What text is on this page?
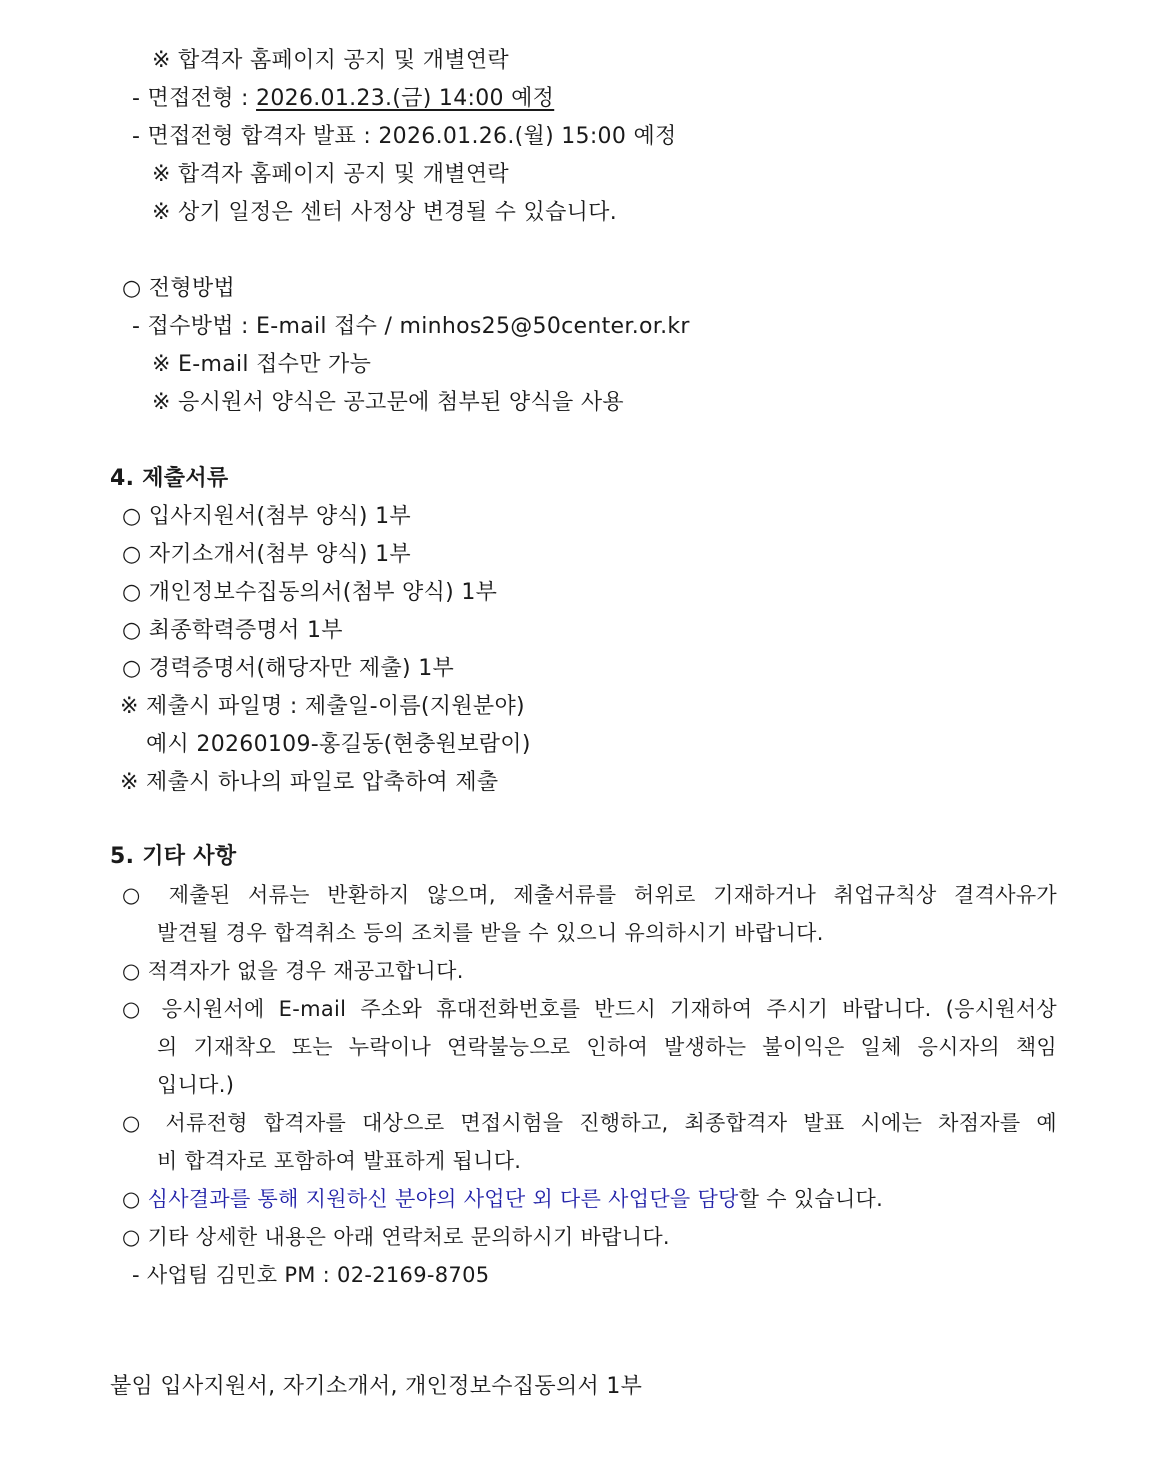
※ 합격자 홈페이지 공지 및 개별연락
- 면접전형 : 2026.01.23.(금) 14:00 예정
- 면접전형 합격자 발표 : 2026.01.26.(월) 15:00 예정
※ 합격자 홈페이지 공지 및 개별연락
※ 상기 일정은 센터 사정상 변경될 수 있습니다.
○ 전형방법
- 접수방법 : E-mail 접수 / minhos25@50center.or.kr
※ E-mail 접수만 가능
※ 응시원서 양식은 공고문에 첨부된 양식을 사용
4. 제출서류
○ 입사지원서(첨부 양식) 1부
○ 자기소개서(첨부 양식) 1부
○ 개인정보수집동의서(첨부 양식) 1부
○ 최종학력증명서 1부
○ 경력증명서(해당자만 제출) 1부
※ 제출시 파일명 : 제출일-이름(지원분야)
예시 20260109-홍길동(현충원보람이)
※ 제출시 하나의 파일로 압축하여 제출
5. 기타 사항
○ 제출된 서류는 반환하지 않으며, 제출서류를 허위로 기재하거나 취업규칙상 결격사유가
발견될 경우 합격취소 등의 조치를 받을 수 있으니 유의하시기 바랍니다.
○ 적격자가 없을 경우 재공고합니다.
○ 응시원서에 E-mail 주소와 휴대전화번호를 반드시 기재하여 주시기 바랍니다. (응시원서상
의 기재착오 또는 누락이나 연락불능으로 인하여 발생하는 불이익은 일체 응시자의 책임
입니다.)
○ 서류전형 합격자를 대상으로 면접시험을 진행하고, 최종합격자 발표 시에는 차점자를 예
비 합격자로 포함하여 발표하게 됩니다.
○ 심사결과를 통해 지원하신 분야의 사업단 외 다른 사업단을 담당할 수 있습니다.
○ 기타 상세한 내용은 아래 연락처로 문의하시기 바랍니다.
- 사업팀 김민호 PM : 02-2169-8705
붙임 입사지원서, 자기소개서, 개인정보수집동의서 1부
